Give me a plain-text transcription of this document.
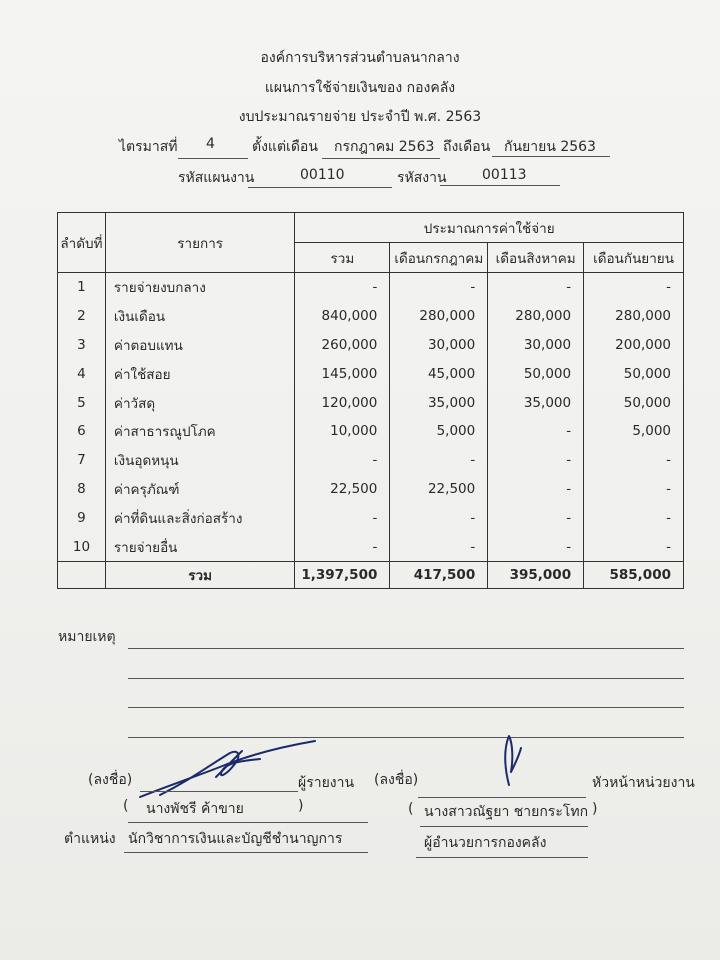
องค์การบริหารส่วนตำบลนากลาง
แผนการใช้จ่ายเงินของ กองคลัง
งบประมาณรายจ่าย ประจำปี พ.ศ. 2563
ไตรมาสที่ 4	ตั้งแต่เดือน กรกฎาคม 2563 ถึงเดือน กันยายน 2563
รหัสแผนงาน	00110	รหัสงาน	00113
ลำดับที่	รายการ	ประมาณการค่าใช้จ่าย			
		รวม	เดือนกรกฎาคม	เดือนสิงหาคม	เดือนกันยายน
1	รายจ่ายงบกลาง	-	-	-	-
2	เงินเดือน	840,000	280,000	280,000	280,000
3	ค่าตอบแทน	260,000	30,000	30,000	200,000
4	ค่าใช้สอย	145,000	45,000	50,000	50,000
5	ค่าวัสดุ	120,000	35,000	35,000	50,000
6	ค่าสาธารณูปโภค	10,000	5,000	-	5,000
7	เงินอุดหนุน	-	-	-	-
8	ค่าครุภัณฑ์	22,500	22,500	-	-
9	ค่าที่ดินและสิ่งก่อสร้าง	-	-	-	-
10	รายจ่ายอื่น	-	-	-	-
	รวม	1,397,500	417,500	395,000	585,000
หมายเหตุ
(ลงชื่อ)	ผู้รายงาน (ลงชื่อ)	หัวหน้าหน่วยงาน
( นางพัชรี ค้าขาย	)	( นางสาวณัฐยา ชายกระโทก )
ตำแหน่ง นักวิชาการเงินและบัญชีชำนาญการ	ผู้อำนวยการกองคลัง
